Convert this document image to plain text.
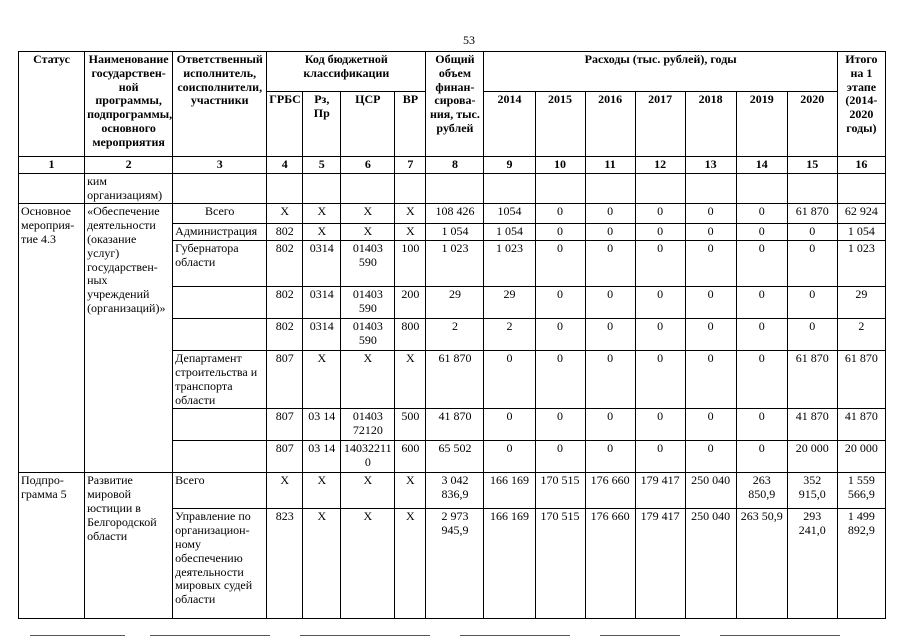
53
Статус	Наименование государствен-ной программы, подпрограммы, основного мероприятия	Ответственный исполнитель, соисполнители, участники	Код бюджетной классификации				Общий объем финан-сирова-ния, тыс. рублей	Расходы (тыс. рублей), годы							Итого на 1 этапе (2014-2020 годы)
			ГРБС	Рз, Пр	ЦСР	ВР		2014	2015	2016	2017	2018	2019	2020	
1	2	3	4	5	6	7	8	9	10	11	12	13	14	15	16
	ким организациям)														
Основное мероприя-тие 4.3	«Обеспечение деятельности (оказание услуг) государствен-ных учреждений (организаций)»	Всего	Х	Х	Х	Х	108 426	1054	0	0	0	0	0	61 870	62 924
		Администрация	802	Х	Х	Х	1 054	1 054	0	0	0	0	0	0	1 054
		Губернатора области	802	0314	01403 590	100	1 023	1 023	0	0	0	0	0	0	1 023
			802	0314	01403 590	200	29	29	0	0	0	0	0	0	29
			802	0314	01403 590	800	2	2	0	0	0	0	0	0	2
		Департамент строительства и транспорта области	807	Х	Х	Х	61 870	0	0	0	0	0	0	61 870	61 870
			807	03 14	01403 72120	500	41 870	0	0	0	0	0	0	41 870	41 870
			807	03 14	14032211 0	600	65 502	0	0	0	0	0	0	20 000	20 000
Подпро-грамма 5	Развитие мировой юстиции в Белгородской области	Всего	Х	Х	Х	Х	3 042 836,9	166 169	170 515	176 660	179 417	250 040	263 850,9	352 915,0	1 559 566,9
		Управление по организацион-ному обеспечению деятельности мировых судей области	823	Х	Х	Х	2 973 945,9	166 169	170 515	176 660	179 417	250 040	263 50,9	293 241,0	1 499 892,9
